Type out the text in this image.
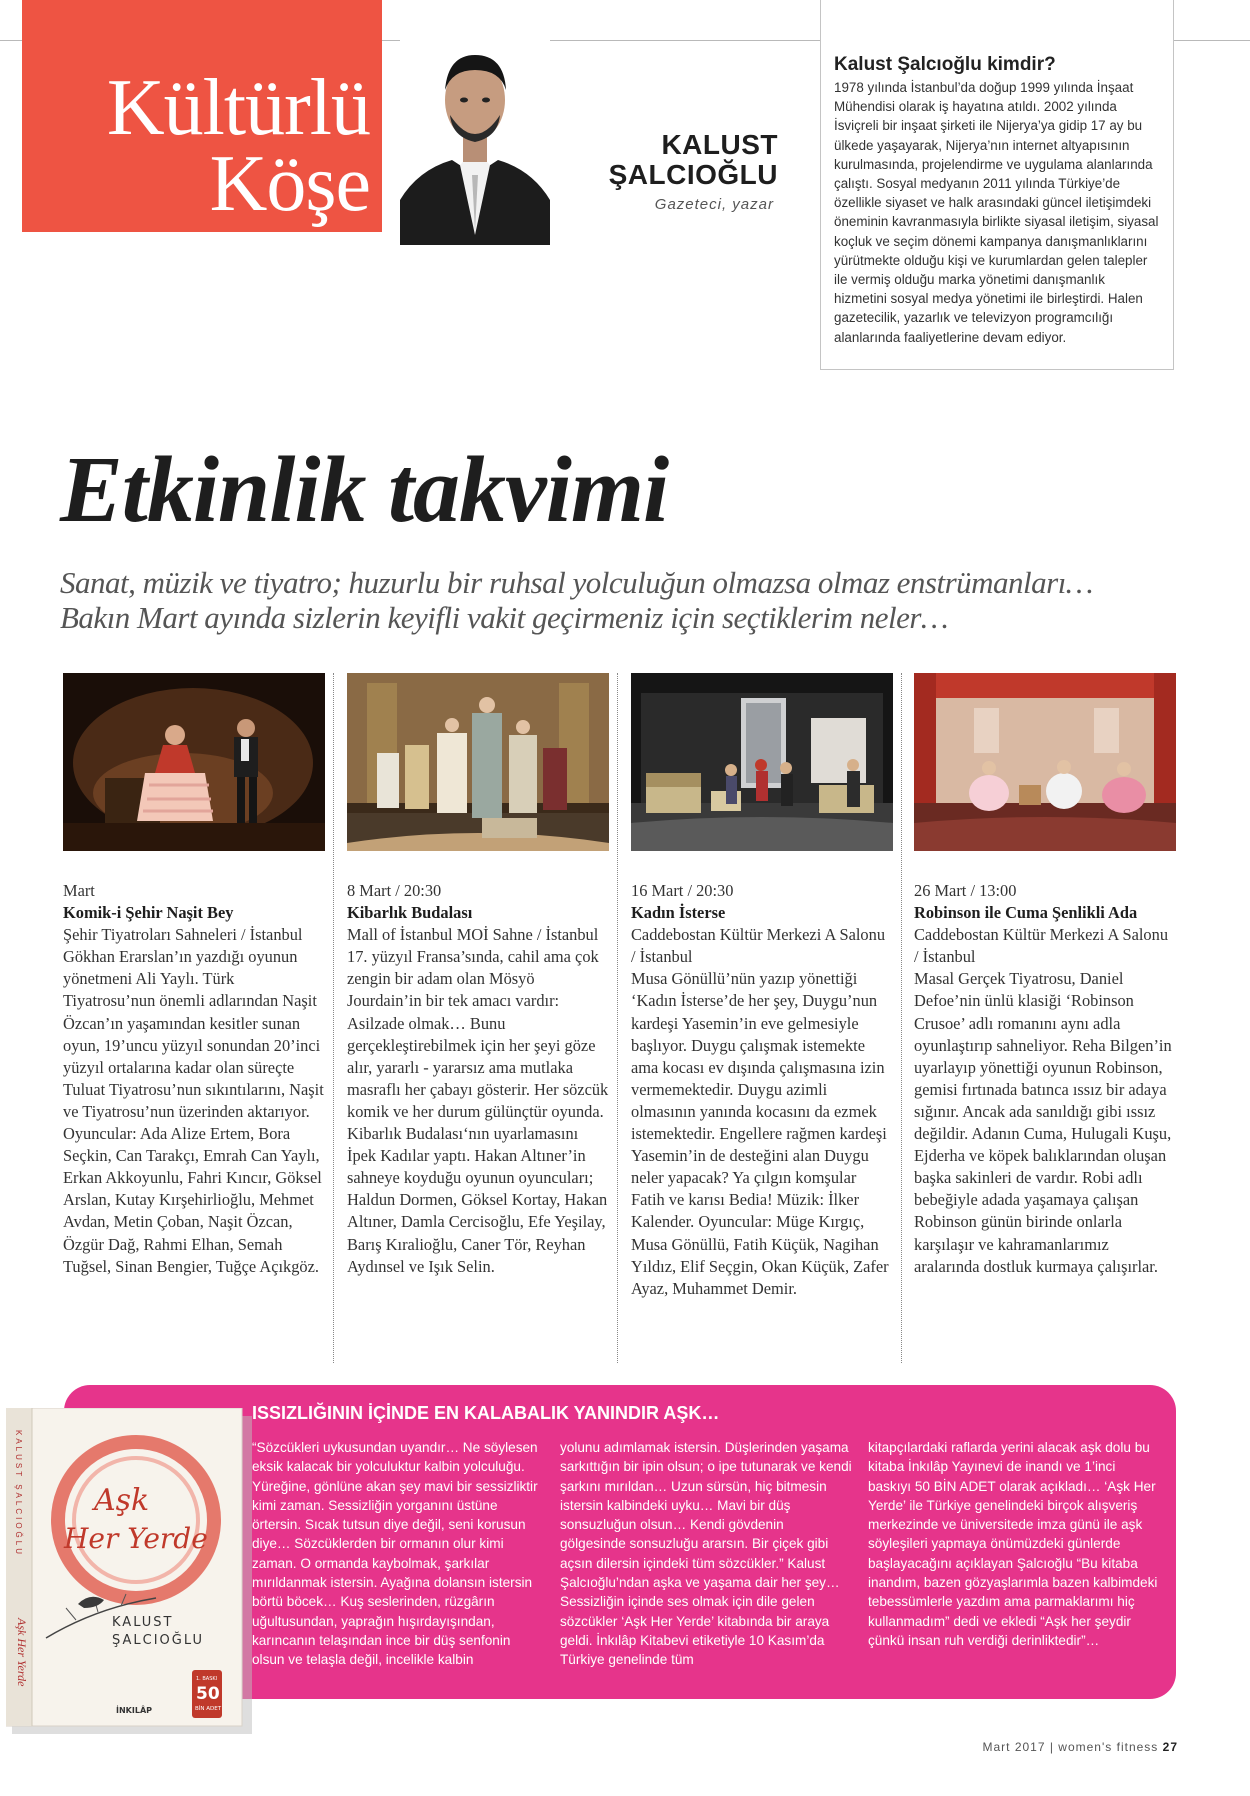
Kültürlü
Köşe	KALUST
ŞALCIOĞLU
Gazeteci, yazar
Kalust Şalcıoğlu kimdir?
1978 yılında İstanbul’da doğup 1999 yılında İnşaat Mühendisi olarak iş hayatına atıldı. 2002 yılında İsviçreli bir inşaat şirketi ile Nijerya’ya gidip 17 ay bu ülkede yaşayarak, Nijerya’nın internet altyapısının kurulmasında, projelendirme ve uygulama alanlarında çalıştı. Sosyal medyanın 2011 yılında Türkiye’de özellikle siyaset ve halk arasındaki güncel iletişimdeki öneminin kavranmasıyla birlikte siyasal iletişim, siyasal koçluk ve seçim dönemi kampanya danışmanlıklarını yürütmekte olduğu kişi ve kurumlardan gelen talepler ile vermiş olduğu marka yönetimi danışmanlık hizmetini sosyal medya yönetimi ile birleştirdi. Halen gazetecilik, yazarlık ve televizyon programcılığı alanlarında faaliyetlerine devam ediyor.
Etkinlik takvimi
Sanat, müzik ve tiyatro; huzurlu bir ruhsal yolculuğun olmazsa olmaz enstrümanları…
Bakın Mart ayında sizlerin keyifli vakit geçirmeniz için seçtiklerim neler…
Mart
Komik-i Şehir Naşit Bey
Şehir Tiyatroları Sahneleri / İstanbul
Gökhan Erarslan’ın yazdığı oyunun yönetmeni Ali Yaylı. Türk Tiyatrosu’nun önemli adlarından Naşit Özcan’ın yaşamından kesitler sunan oyun, 19’uncu yüzyıl sonundan 20’inci yüzyıl ortalarına kadar olan süreçte Tuluat Tiyatrosu’nun sıkıntılarını, Naşit ve Tiyatrosu’nun üzerinden aktarıyor. Oyuncular: Ada Alize Ertem, Bora Seçkin, Can Tarakçı, Emrah Can Yaylı, Erkan Akkoyunlu, Fahri Kıncır, Göksel Arslan, Kutay Kırşehirlioğlu, Mehmet Avdan, Metin Çoban, Naşit Özcan, Özgür Dağ, Rahmi Elhan, Semah Tuğsel, Sinan Bengier, Tuğçe Açıkgöz.
8 Mart / 20:30
Kibarlık Budalası
Mall of İstanbul MOİ Sahne / İstanbul
17. yüzyıl Fransa’sında, cahil ama çok zengin bir adam olan Mösyö Jourdain’in bir tek amacı vardır: Asilzade olmak… Bunu gerçekleştirebilmek için her şeyi göze alır, yararlı - yararsız ama mutlaka masraflı her çabayı gösterir. Her sözcük komik ve her durum gülünçtür oyunda. Kibarlık Budalası‘nın uyarlamasını İpek Kadılar yaptı. Hakan Altıner’in sahneye koyduğu oyunun oyuncuları; Haldun Dormen, Göksel Kortay, Hakan Altıner, Damla Cercisoğlu, Efe Yeşilay, Barış Kıralioğlu, Caner Tör, Reyhan Aydınsel ve Işık Selin.
16 Mart / 20:30
Kadın İsterse
Caddebostan Kültür Merkezi A Salonu / İstanbul
Musa Gönüllü’nün yazıp yönettiği ‘Kadın İsterse’de her şey, Duygu’nun kardeşi Yasemin’in eve gelmesiyle başlıyor. Duygu çalışmak istemekte ama kocası ev dışında çalışmasına izin vermemektedir. Duygu azimli olmasının yanında kocasını da ezmek istemektedir. Engellere rağmen kardeşi Yasemin’in de desteğini alan Duygu neler yapacak? Ya çılgın komşular Fatih ve karısı Bedia! Müzik: İlker Kalender. Oyuncular: Müge Kırgıç, Musa Gönüllü, Fatih Küçük, Nagihan Yıldız, Elif Seçgin, Okan Küçük, Zafer Ayaz, Muhammet Demir.
26 Mart / 13:00
Robinson ile Cuma Şenlikli Ada
Caddebostan Kültür Merkezi A Salonu / İstanbul
Masal Gerçek Tiyatrosu, Daniel Defoe’nin ünlü klasiği ‘Robinson Crusoe’ adlı romanını aynı adla oyunlaştırıp sahneliyor. Reha Bilgen’in uyarlayıp yönettiği oyunun Robinson, gemisi fırtınada batınca ıssız bir adaya sığınır. Ancak ada sanıldığı gibi ıssız değildir. Adanın Cuma, Hulugali Kuşu, Ejderha ve köpek balıklarından oluşan başka sakinleri de vardır. Robi adlı bebeğiyle adada yaşamaya çalışan Robinson günün birinde onlarla karşılaşır ve kahramanlarımız aralarında dostluk kurmaya çalışırlar.
ISSIZLIĞININ İÇİNDE EN KALABALIK YANINDIR AŞK…
“Sözcükleri uykusundan uyandır… Ne söylesen eksik kalacak bir yolculuktur kalbin yolculuğu. Yüreğine, gönlüne akan şey mavi bir sessizliktir kimi zaman. Sessizliğin yorganını üstüne örtersin. Sıcak tutsun diye değil, seni korusun diye… Sözcüklerden bir ormanın olur kimi zaman. O ormanda kaybolmak, şarkılar mırıldanmak istersin. Ayağına dolansın istersin börtü böcek… Kuş seslerinden, rüzgârın uğultusundan, yaprağın hışırdayışından, karıncanın telaşından ince bir düş senfonin olsun ve telaşla değil, incelikle kalbin
yolunu adımlamak istersin. Düşlerinden yaşama sarkıttığın bir ipin olsun; o ipe tutunarak ve kendi şarkını mırıldan… Uzun sürsün, hiç bitmesin istersin kalbindeki uyku… Mavi bir düş sonsuzluğun olsun… Kendi gövdenin gölgesinde sonsuzluğu ararsın. Bir çiçek gibi açsın dilersin içindeki tüm sözcükler.” Kalust Şalcıoğlu’ndan aşka ve yaşama dair her şey… Sessizliğin içinde ses olmak için dile gelen sözcükler ‘Aşk Her Yerde’ kitabında bir araya geldi. İnkılâp Kitabevi etiketiyle 10 Kasım’da Türkiye genelinde tüm
kitapçılardaki raflarda yerini alacak aşk dolu bu kitaba İnkılâp Yayınevi de inandı ve 1’inci baskıyı 50 BİN ADET olarak açıkladı… ‘Aşk Her Yerde’ ile Türkiye genelindeki birçok alışveriş merkezinde ve üniversitede imza günü ile aşk söyleşileri yapmaya önümüzdeki günlerde başlayacağını açıklayan Şalcıoğlu “Bu kitaba inandım, bazen gözyaşlarımla bazen kalbimdeki tebessümlerle yazdım ama parmaklarımı hiç kullanmadım” dedi ve ekledi “Aşk her şeydir çünkü insan ruh verdiği derinliktedir”…
KALUST ŞALCIOĞLU
Aşk Her Yerde
Aşk
Her Yerde
KALUST
ŞALCIOĞLU
1. BASKI
50
BİN ADET
İNKILÂP
Mart 2017 | women's fitness 27
